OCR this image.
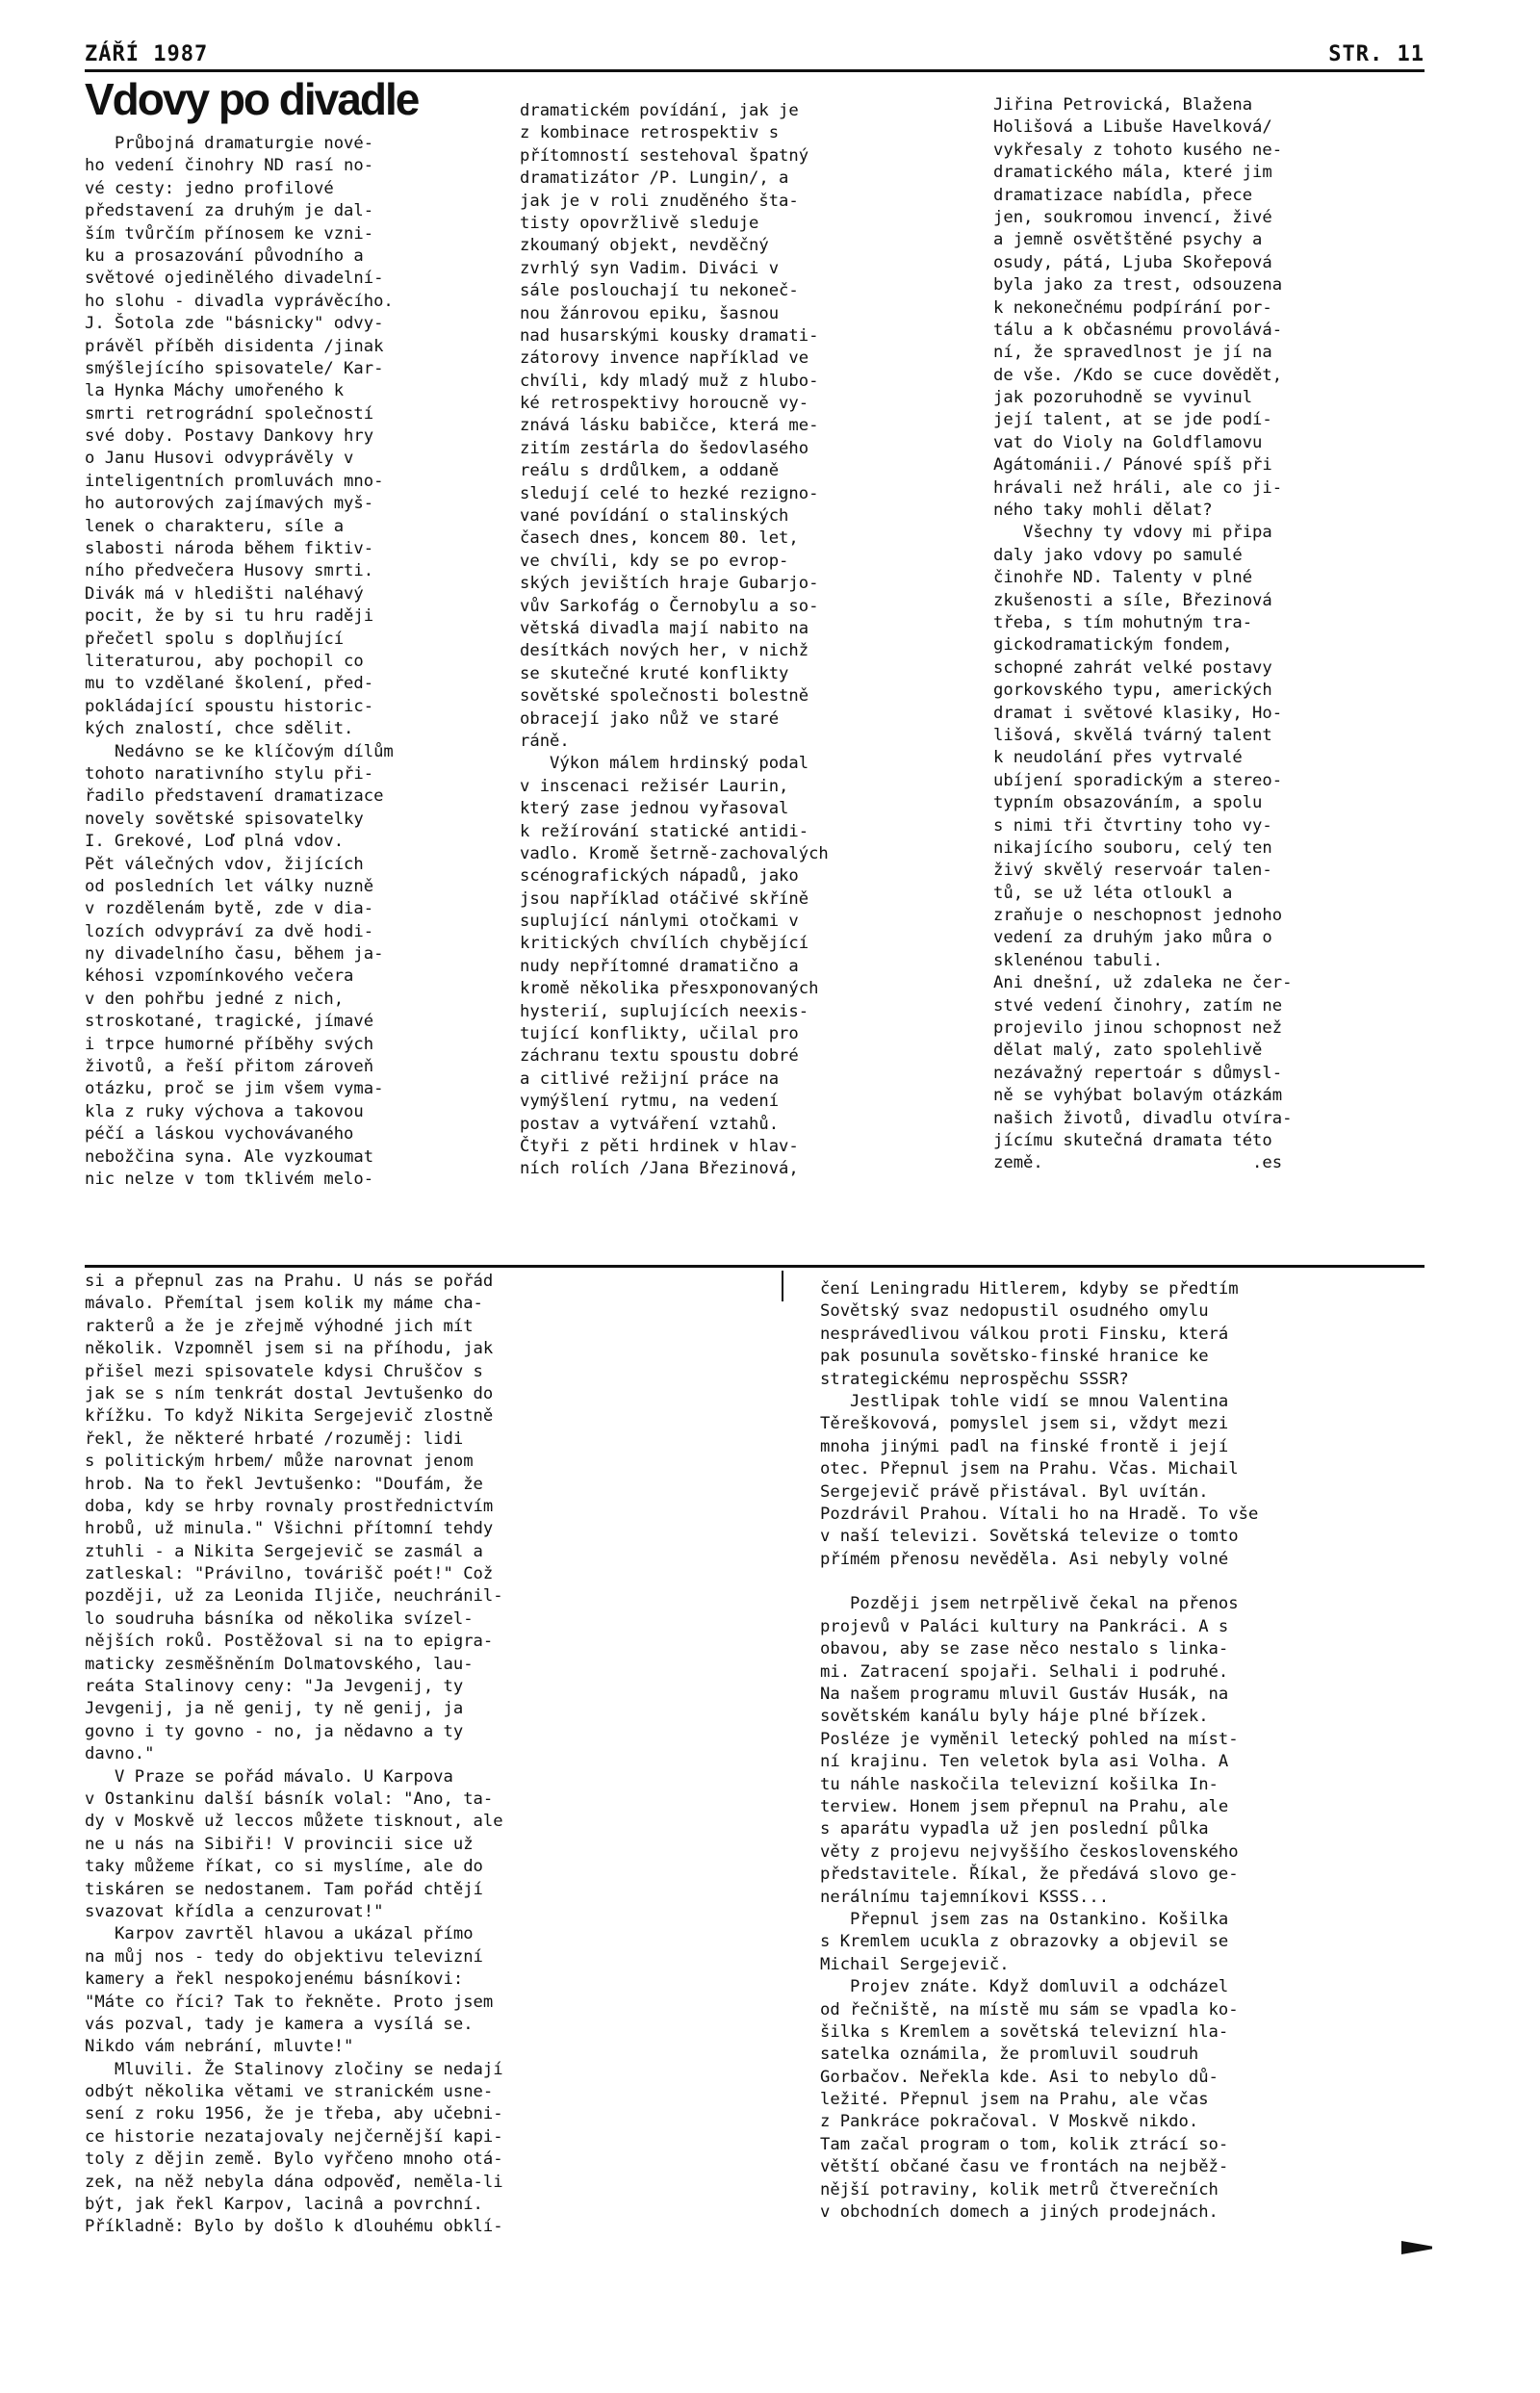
ZÁŘÍ 1987	STR. 11
Vdovy po divadle
Průbojná dramaturgie nové-
ho vedení činohry ND rasí no-
vé cesty: jedno profilové
představení za druhým je dal-
ším tvůrčím přínosem ke vzni-
ku a prosazování původního a
světové ojedinělého divadelní-
ho slohu - divadla vyprávěcího.
J. Šotola zde "básnicky" odvy-
právěl příběh disidenta /jinak
smýšlejícího spisovatele/ Kar-
la Hynka Máchy umořeného k
smrti retrográdní společností
své doby. Postavy Dankovy hry
o Janu Husovi odvyprávěly v
inteligentních promluvách mno-
ho autorových zajímavých myš-
lenek o charakteru, síle a
slabosti národa během fiktiv-
ního předvečera Husovy smrti.
Divák má v hledišti naléhavý
pocit, že by si tu hru raději
přečetl spolu s doplňující
literaturou, aby pochopil co
mu to vzdělané školení, před-
pokládající spoustu historic-
kých znalostí, chce sdělit.
Nedávno se ke klíčovým dílům
tohoto narativního stylu při-
řadilo představení dramatizace
novely sovětské spisovatelky
I. Grekové, Loď plná vdov.
Pět válečných vdov, žijících
od posledních let války nuzně
v rozdělenám bytě, zde v dia-
lozích odvypráví za dvě hodi-
ny divadelního času, během ja-
kéhosi vzpomínkového večera
v den pohřbu jedné z nich,
stroskotané, tragické, jímavé
i trpce humorné příběhy svých
životů, a řeší přitom zároveň
otázku, proč se jim všem vyma-
kla z ruky výchova a takovou
péčí a láskou vychovávaného
nebožčina syna. Ale vyzkoumat
nic nelze v tom tklivém melo-
dramatickém povídání, jak je
z kombinace retrospektiv s
přítomností sestehoval špatný
dramatizátor /P. Lungin/, a
jak je v roli znuděného šta-
tisty opovržlivě sleduje
zkoumaný objekt, nevděčný
zvrhlý syn Vadim. Diváci v
sále poslouchají tu nekoneč-
nou žánrovou epiku, šasnou
nad husarskými kousky dramati-
zátorovy invence například ve
chvíli, kdy mladý muž z hlubo-
ké retrospektivy horoucně vy-
znává lásku babičce, která me-
zitím zestárla do šedovlasého
reálu s drdůlkem, a oddaně
sledují celé to hezké rezigno-
vané povídání o stalinských
časech dnes, koncem 80. let,
ve chvíli, kdy se po evrop-
ských jevištích hraje Gubarjo-
vův Sarkofág o Černobylu a so-
větská divadla mají nabito na
desítkách nových her, v nichž
se skutečné kruté konflikty
sovětské společnosti bolestně
obracejí jako nůž ve staré
ráně.
Výkon málem hrdinský podal
v inscenaci režisér Laurin,
který zase jednou vyřasoval
k režírování statické antidi-
vadlo. Kromě šetrně-zachovalých
scénografických nápadů, jako
jsou například otáčivé skříně
suplující nánlymi otočkami v
kritických chvílích chybějící
nudy nepřítomné dramatično a
kromě několika přesxponovaných
hysterií, suplujících neexis-
tující konflikty, učilal pro
záchranu textu spoustu dobré
a citlivé režijní práce na
vymýšlení rytmu, na vedení
postav a vytváření vztahů.
Čtyři z pěti hrdinek v hlav-
ních rolích /Jana Březinová,
Jiřina Petrovická, Blažena
Holišová a Libuše Havelková/
vykřesaly z tohoto kusého ne-
dramatického mála, které jim
dramatizace nabídla, přece
jen, soukromou invencí, živé
a jemně osvětštěné psychy a
osudy, pátá, Ljuba Skořepová
byla jako za trest, odsouzena
k nekonečnému podpírání por-
tálu a k občasnému provolává-
ní, že spravedlnost je jí na
de vše. /Kdo se cuce dovědět,
jak pozoruhodně se vyvinul
její talent, at se jde podí-
vat do Violy na Goldflamovu
Agátománii./ Pánové spíš při
hrávali než hráli, ale co ji-
ného taky mohli dělat?
Všechny ty vdovy mi připa
daly jako vdovy po samulé
činohře ND. Talenty v plné
zkušenosti a síle, Březinová
třeba, s tím mohutným tra-
gickodramatickým fondem,
schopné zahrát velké postavy
gorkovského typu, amerických
dramat i světové klasiky, Ho-
lišová, skvělá tvárný talent
k neudolání přes vytrvalé
ubíjení sporadickým a stereo-
typním obsazováním, a spolu
s nimi tři čtvrtiny toho vy-
nikajícího souboru, celý ten
živý skvělý reservoár talen-
tů, se už léta otloukl a
zraňuje o neschopnost jednoho
vedení za druhým jako můra o
sklenénou tabuli.
Ani dnešní, už zdaleka ne čer-
stvé vedení činohry, zatím ne
projevilo jinou schopnost než
dělat malý, zato spolehlivě
nezávažný repertoár s důmysl-
ně se vyhýbat bolavým otázkám
našich životů, divadlu otvíra-
jícímu skutečná dramata této
země.                     .es
si a přepnul zas na Prahu. U nás se pořád
mávalo. Přemítal jsem kolik my máme cha-
rakterů a že je zřejmě výhodné jich mít
několik. Vzpomněl jsem si na příhodu, jak
přišel mezi spisovatele kdysi Chruščov s
jak se s ním tenkrát dostal Jevtušenko do
křížku. To když Nikita Sergejevič zlostně
řekl, že některé hrbaté /rozuměj: lidi
s politickým hrbem/ může narovnat jenom
hrob. Na to řekl Jevtušenko: "Doufám, že
doba, kdy se hrby rovnaly prostřednictvím
hrobů, už minula." Všichni přítomní tehdy
ztuhli - a Nikita Sergejevič se zasmál a
zatleskal: "Právilno, továrišč poét!" Což
později, už za Leonida Iljiče, neuchránil-
lo soudruha básníka od několika svízel-
nějších roků. Postěžoval si na to epigra-
maticky zesměšněním Dolmatovského, lau-
reáta Stalinovy ceny: "Ja Jevgenij, ty
Jevgenij, ja ně genij, ty ně genij, ja
govno i ty govno - no, ja nědavno a ty
davno."
V Praze se pořád mávalo. U Karpova
v Ostankinu další básník volal: "Ano, ta-
dy v Moskvě už leccos můžete tisknout, ale
ne u nás na Sibiři! V provincii sice už
taky můžeme říkat, co si myslíme, ale do
tiskáren se nedostanem. Tam pořád chtějí
svazovat křídla a cenzurovat!"
Karpov zavrtěl hlavou a ukázal přímo
na můj nos - tedy do objektivu televizní
kamery a řekl nespokojenému básníkovi:
"Máte co říci? Tak to řekněte. Proto jsem
vás pozval, tady je kamera a vysílá se.
Nikdo vám nebrání, mluvte!"
Mluvili. Že Stalinovy zločiny se nedají
odbýt několika větami ve stranickém usne-
sení z roku 1956, že je třeba, aby učebni-
ce historie nezatajovaly nejčernější kapi-
toly z dějin země. Bylo vyřčeno mnoho otá-
zek, na něž nebyla dána odpověď, neměla-li
být, jak řekl Karpov, lacinâ a povrchní.
Příkladně: Bylo by došlo k dlouhému obklí-
čení Leningradu Hitlerem, kdyby se předtím
Sovětský svaz nedopustil osudného omylu
nesprávedlivou válkou proti Finsku, která
pak posunula sovětsko-finské hranice ke
strategickému neprospěchu SSSR?
Jestlipak tohle vidí se mnou Valentina
Těreškovová, pomyslel jsem si, vždyt mezi
mnoha jinými padl na finské frontě i její
otec. Přepnul jsem na Prahu. Včas. Michail
Sergejevič právě přistával. Byl uvítán.
Pozdrávil Prahou. Vítali ho na Hradě. To vše
v naší televizi. Sovětská televize o tomto
přímém přenosu nevěděla. Asi nebyly volné
Později jsem netrpělivě čekal na přenos
projevů v Paláci kultury na Pankráci. A s
obavou, aby se zase něco nestalo s linka-
mi. Zatracení spojaři. Selhali i podruhé.
Na našem programu mluvil Gustáv Husák, na
sovětském kanálu byly háje plné břízek.
Posléze je vyměnil letecký pohled na míst-
ní krajinu. Ten veletok byla asi Volha. A
tu náhle naskočila televizní košilka In-
terview. Honem jsem přepnul na Prahu, ale
s aparátu vypadla už jen poslední půlka
věty z projevu nejvyššího československého
představitele. Říkal, že předává slovo ge-
nerálnímu tajemníkovi KSSS...
Přepnul jsem zas na Ostankino. Košilka
s Kremlem ucukla z obrazovky a objevil se
Michail Sergejevič.
Projev znáte. Když domluvil a odcházel
od řečniště, na místě mu sám se vpadla ko-
šilka s Kremlem a sovětská televizní hla-
satelka oznámila, že promluvil soudruh
Gorbačov. Neřekla kde. Asi to nebylo dů-
ležité. Přepnul jsem na Prahu, ale včas
z Pankráce pokračoval. V Moskvě nikdo.
Tam začal program o tom, kolik ztrácí so-
větští občané času ve frontách na nejběž-
nější potraviny, kolik metrů čtverečních
v obchodních domech a jiných prodejnách.
